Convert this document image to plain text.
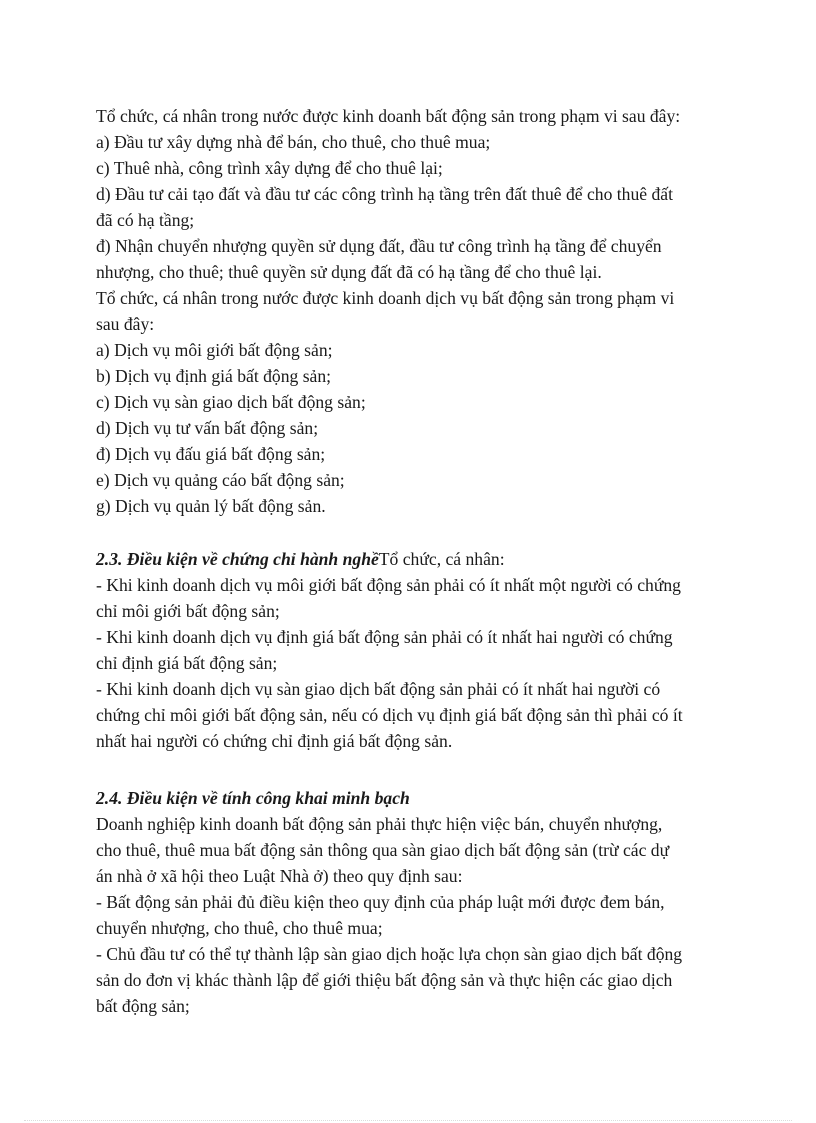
Tổ chức, cá nhân trong nước được kinh doanh bất động sản trong phạm vi sau đây:
a) Đầu tư xây dựng nhà để bán, cho thuê, cho thuê mua;
c) Thuê nhà, công trình xây dựng để cho thuê lại;
d) Đầu tư cải tạo đất và đầu tư các công trình hạ tầng trên đất thuê để cho thuê đất
đã có hạ tầng;
đ) Nhận chuyển nhượng quyền sử dụng đất, đầu tư công trình hạ tầng để chuyển
nhượng, cho thuê; thuê quyền sử dụng đất đã có hạ tầng để cho thuê lại.
Tổ chức, cá nhân trong nước được kinh doanh dịch vụ bất động sản trong phạm vi
sau đây:
a) Dịch vụ môi giới bất động sản;
b) Dịch vụ định giá bất động sản;
c) Dịch vụ sàn giao dịch bất động sản;
d) Dịch vụ tư vấn bất động sản;
đ) Dịch vụ đấu giá bất động sản;
e) Dịch vụ quảng cáo bất động sản;
g) Dịch vụ quản lý bất động sản.
2.3. Điều kiện về chứng chỉ hành nghềTổ chức, cá nhân:
- Khi kinh doanh dịch vụ môi giới bất động sản phải có ít nhất một người có chứng
chỉ môi giới bất động sản;
- Khi kinh doanh dịch vụ định giá bất động sản phải có ít nhất hai người có chứng
chỉ định giá bất động sản;
- Khi kinh doanh dịch vụ sàn giao dịch bất động sản phải có ít nhất hai người có
chứng chỉ môi giới bất động sản, nếu có dịch vụ định giá bất động sản thì phải có ít
nhất hai người có chứng chỉ định giá bất động sản.
2.4. Điều kiện về tính công khai minh bạch
Doanh nghiệp kinh doanh bất động sản phải thực hiện việc bán, chuyển nhượng,
cho thuê, thuê mua bất động sản thông qua sàn giao dịch bất động sản (trừ các dự
án nhà ở xã hội theo Luật Nhà ở) theo quy định sau:
- Bất động sản phải đủ điều kiện theo quy định của pháp luật mới được đem bán,
chuyển nhượng, cho thuê, cho thuê mua;
- Chủ đầu tư có thể tự thành lập sàn giao dịch hoặc lựa chọn sàn giao dịch bất động
sản do đơn vị khác thành lập để giới thiệu bất động sản và thực hiện các giao dịch
bất động sản;
